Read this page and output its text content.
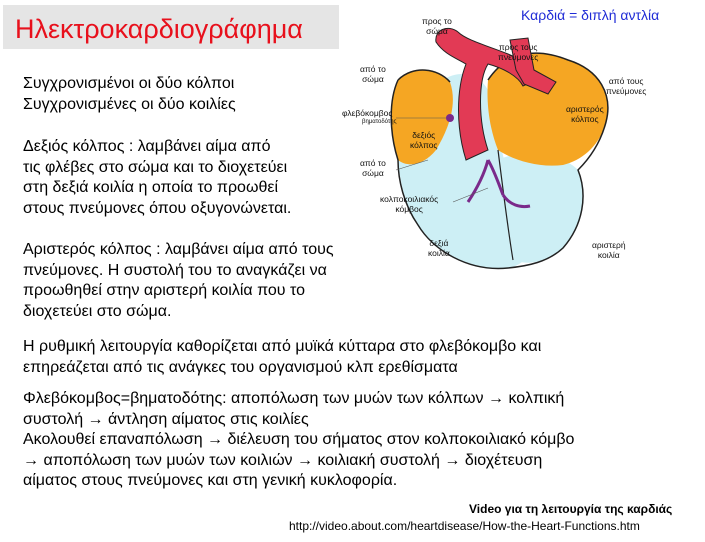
Ηλεκτροκαρδιογράφημα	Καρδιά = διπλή αντλία
Συγχρονισμένοι οι δύο κόλποι
Συγχρονισμένες οι δύο κοιλίες
Δεξιός κόλπος : λαμβάνει αίμα από
τις φλέβες στο σώμα και το διοχετεύει
στη δεξιά κοιλία η οποία το προωθεί
στους πνεύμονες όπου οξυγονώνεται.
Αριστερός κόλπος : λαμβάνει αίμα από τους
πνεύμονες. Η συστολή του το αναγκάζει να
προωθηθεί στην αριστερή κοιλία που το
διοχετεύει στο σώμα.
Η ρυθμική λειτουργία καθορίζεται από μυϊκά κύτταρα στο φλεβόκομβο και
επηρεάζεται από τις ανάγκες του οργανισμού κλπ ερεθίσματα
Φλεβόκομβος=βηματοδότης: αποπόλωση των μυών των κόλπων → κολπική
συστολή → άντληση αίματος στις κοιλίες
Ακολουθεί επαναπόλωση → διέλευση του σήματος στον κολποκοιλιακό κόμβο
→ αποπόλωση των μυών των κοιλιών → κοιλιακή συστολή → διοχέτευση
αίματος στους πνεύμονες και στη γενική κυκλοφορία.
Video για τη λειτουργία της καρδιάς
http://video.about.com/heartdisease/How-the-Heart-Functions.htm
προς το
σώμα
προς τους
πνεύμονες
από το
σώμα	από τους
πνεύμονες
φλεβόκομβος
βηματοδότης
αριστερός
κόλπος
δεξιός
κόλπος
από το
σώμα
κολποκοιλιακός
κόμβος
δεξιά
κοιλία
αριστερή
κοιλία
